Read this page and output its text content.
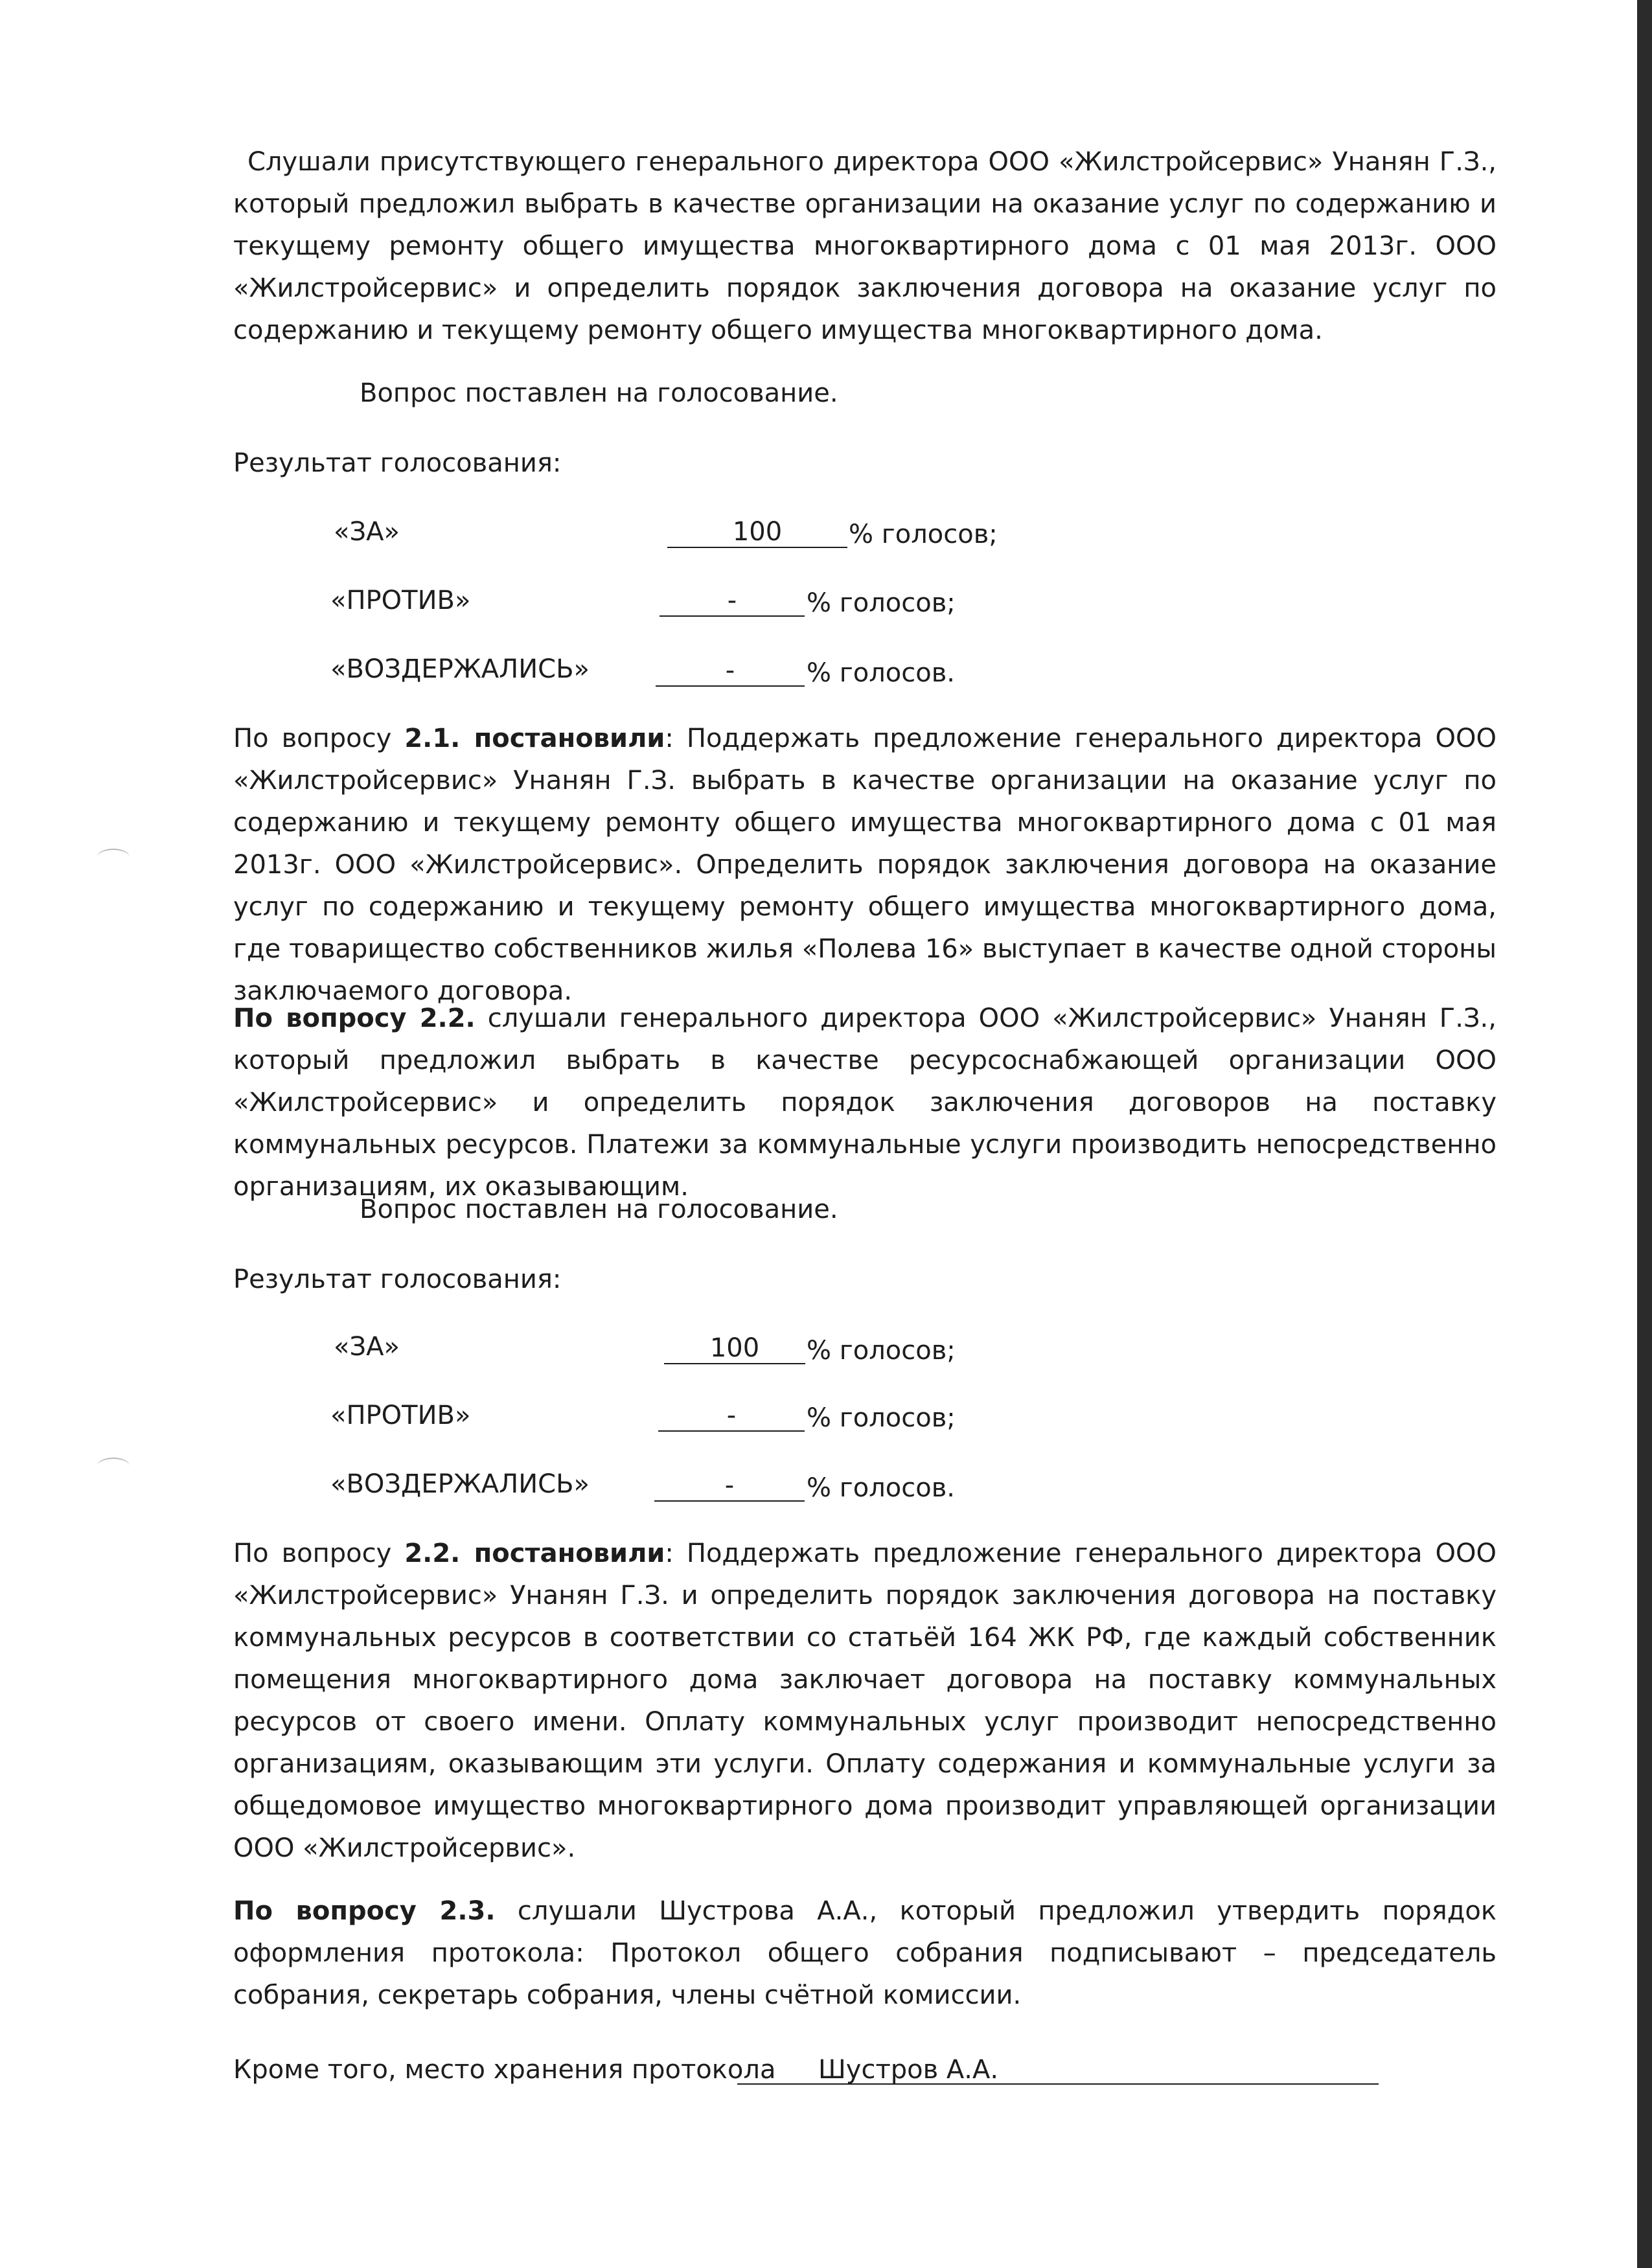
Слушали присутствующего генерального директора ООО «Жилстройсервис» Унанян Г.З., который предложил выбрать в качестве организации на оказание услуг по содержанию и текущему ремонту общего имущества многоквартирного дома с 01 мая 2013г. ООО «Жилстройсервис» и определить порядок заключения договора на оказание услуг по содержанию и текущему ремонту общего имущества многоквартирного дома.

Вопрос поставлен на голосование.

Результат голосования:

«ЗА»	100	% голосов;

«ПРОТИВ»	-	% голосов;

«ВОЗДЕРЖАЛИСЬ»	-	% голосов.

По вопросу 2.1. постановили: Поддержать предложение генерального директора ООО «Жилстройсервис» Унанян Г.З. выбрать в качестве организации на оказание услуг по содержанию и текущему ремонту общего имущества многоквартирного дома с 01 мая 2013г. ООО «Жилстройсервис». Определить порядок заключения договора на оказание услуг по содержанию и текущему ремонту общего имущества многоквартирного дома, где товарищество собственников жилья «Полева 16» выступает в качестве одной стороны заключаемого договора.

По вопросу 2.2. слушали генерального директора ООО «Жилстройсервис» Унанян Г.З., который предложил выбрать в качестве ресурсоснабжающей организации ООО «Жилстройсервис» и определить порядок заключения договоров на поставку коммунальных ресурсов. Платежи за коммунальные услуги производить непосредственно организациям, их оказывающим.

Вопрос поставлен на голосование.

Результат голосования:

«ЗА»	100	% голосов;

«ПРОТИВ»	-	% голосов;

«ВОЗДЕРЖАЛИСЬ»	-	% голосов.

По вопросу 2.2. постановили: Поддержать предложение генерального директора ООО «Жилстройсервис» Унанян Г.З. и определить порядок заключения договора на поставку коммунальных ресурсов в соответствии со статьёй 164 ЖК РФ, где каждый собственник помещения многоквартирного дома заключает договора на поставку коммунальных ресурсов от своего имени. Оплату коммунальных услуг производит непосредственно организациям, оказывающим эти услуги. Оплату содержания и коммунальные услуги за общедомовое имущество многоквартирного дома производит управляющей организации ООО «Жилстройсервис».

По вопросу 2.3. слушали Шустрова А.А., который предложил утвердить порядок оформления протокола: Протокол общего собрания подписывают – председатель собрания, секретарь собрания, члены счётной комиссии.

Кроме того, место хранения протокола	Шустров А.А.
